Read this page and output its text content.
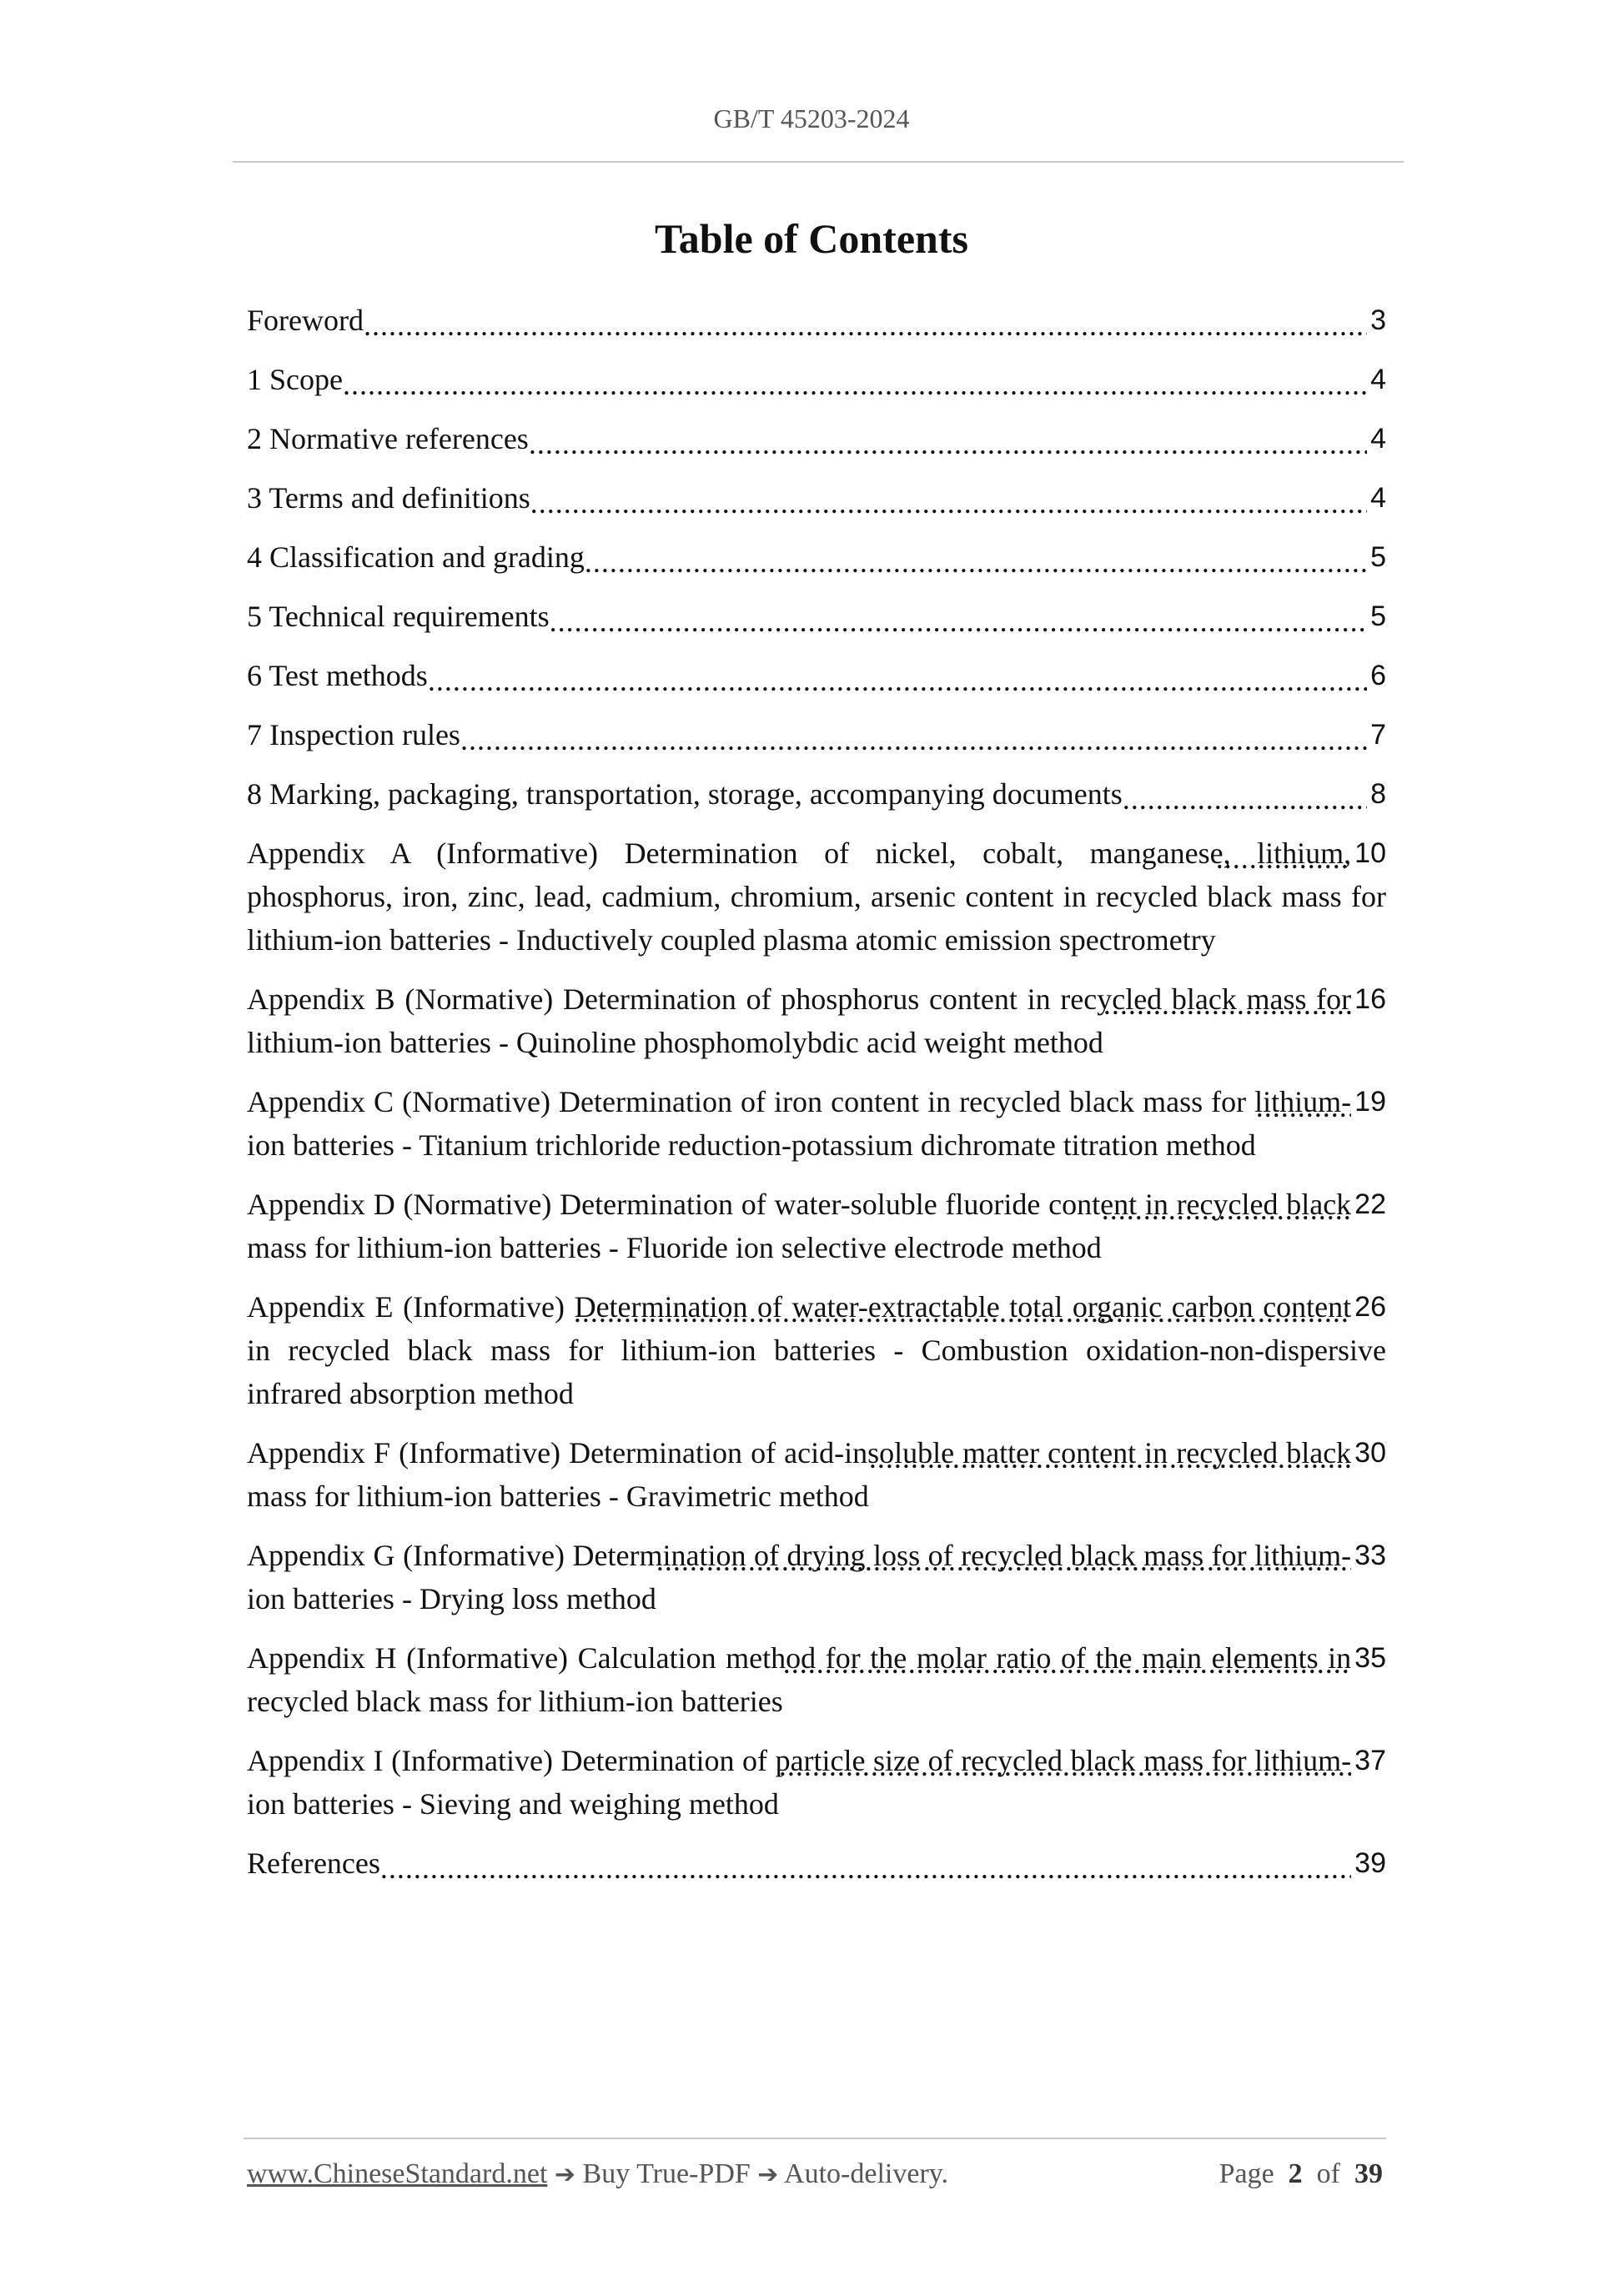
GB/T 45203-2024
Table of Contents
3
Foreword .....
4
1 Scope .....
4
2 Normative references .....
4
3 Terms and definitions .....
5
4 Classification and grading .....
5
5 Technical requirements .....
6
6 Test methods .....
7
7 Inspection rules .....
8
8 Marking, packaging, transportation, storage, accompanying documents .....
10
Appendix A (Informative) Determination of nickel, cobalt, manganese, lithium, phosphorus, iron, zinc, lead, cadmium, chromium, arsenic content in recycled black mass for lithium-ion batteries - Inductively coupled plasma atomic emission spectrometry .....
16
Appendix B (Normative) Determination of phosphorus content in recycled black mass for lithium-ion batteries - Quinoline phosphomolybdic acid weight method .....
19
Appendix C (Normative) Determination of iron content in recycled black mass for lithium-ion batteries - Titanium trichloride reduction-potassium dichromate titration method .....
22
Appendix D (Normative) Determination of water-soluble fluoride content in recycled black mass for lithium-ion batteries - Fluoride ion selective electrode method .....
26
Appendix E (Informative) Determination of water-extractable total organic carbon content in recycled black mass for lithium-ion batteries - Combustion oxidation-non-dispersive infrared absorption method .....
30
Appendix F (Informative) Determination of acid-insoluble matter content in recycled black mass for lithium-ion batteries - Gravimetric method .....
33
Appendix G (Informative) Determination of drying loss of recycled black mass for lithium-ion batteries - Drying loss method .....
35
Appendix H (Informative) Calculation method for the molar ratio of the main elements in recycled black mass for lithium-ion batteries .....
37
Appendix I (Informative) Determination of particle size of recycled black mass for lithium-ion batteries - Sieving and weighing method .....
39
References .....
www.ChineseStandard.net ➔ Buy True-PDF ➔ Auto-delivery.	Page 2 of 39
